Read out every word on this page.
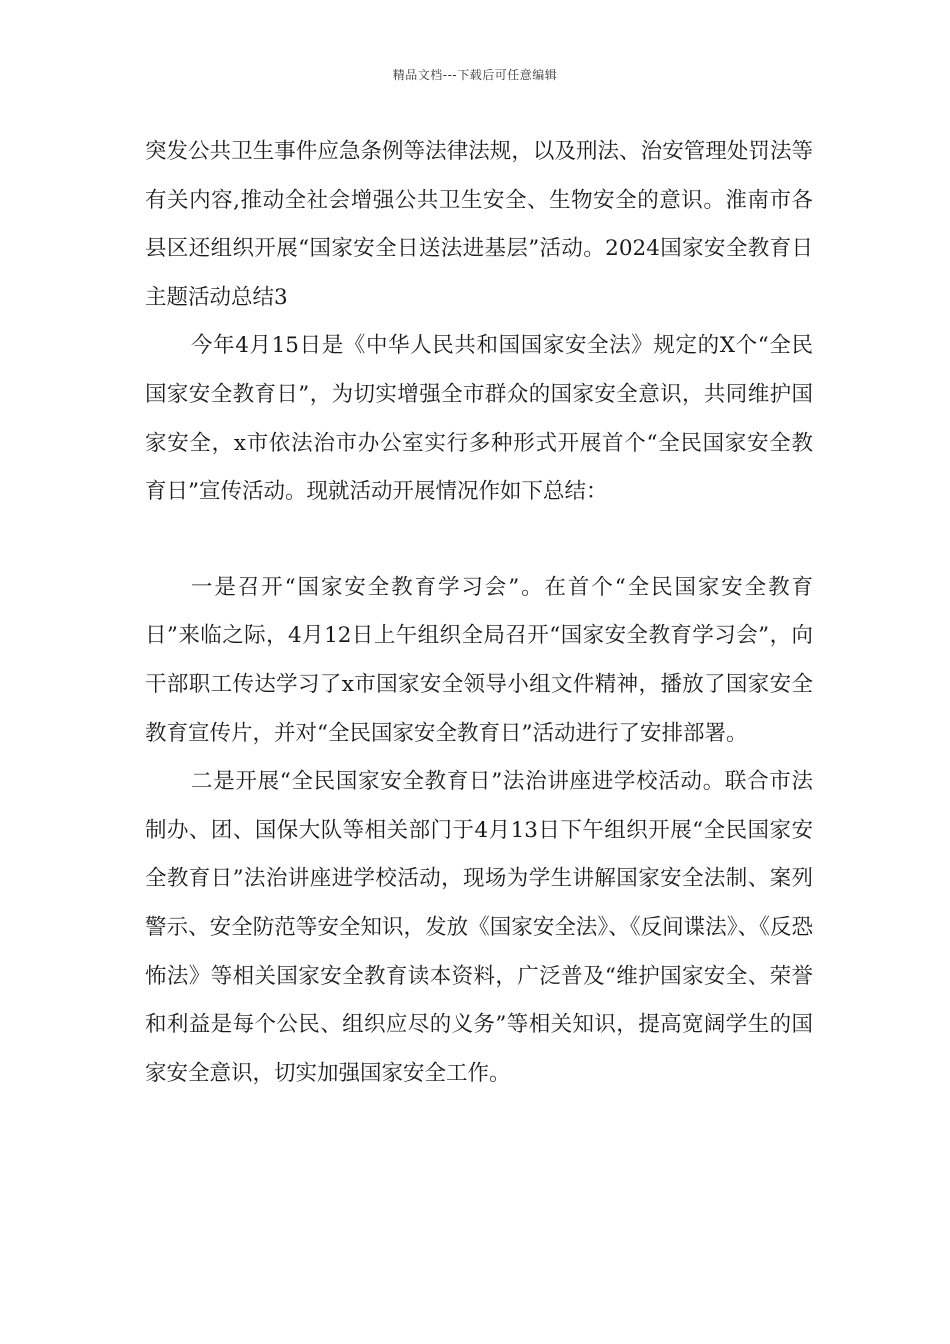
精品文档---下载后可任意编辑

突发公共卫生事件应急条例等法律法规，以及刑法、治安管理处罚法等有关内容,推动全社会增强公共卫生安全、生物安全的意识。淮南市各县区还组织开展“国家安全日送法进基层”活动。2024国家安全教育日主题活动总结3

今年4月15日是《中华人民共和国国家安全法》规定的X个“全民国家安全教育日”，为切实增强全市群众的国家安全意识，共同维护国家安全，x市依法治市办公室实行多种形式开展首个“全民国家安全教育日”宣传活动。现就活动开展情况作如下总结：

一是召开“国家安全教育学习会”。在首个“全民国家安全教育日”来临之际，4月12日上午组织全局召开“国家安全教育学习会”，向干部职工传达学习了x市国家安全领导小组文件精神，播放了国家安全教育宣传片，并对“全民国家安全教育日”活动进行了安排部署。

二是开展“全民国家安全教育日”法治讲座进学校活动。联合市法制办、团、国保大队等相关部门于4月13日下午组织开展“全民国家安全教育日”法治讲座进学校活动，现场为学生讲解国家安全法制、案列警示、安全防范等安全知识，发放《国家安全法》、《反间谍法》、《反恐怖法》等相关国家安全教育读本资料，广泛普及“维护国家安全、荣誉和利益是每个公民、组织应尽的义务”等相关知识，提高宽阔学生的国家安全意识，切实加强国家安全工作。
